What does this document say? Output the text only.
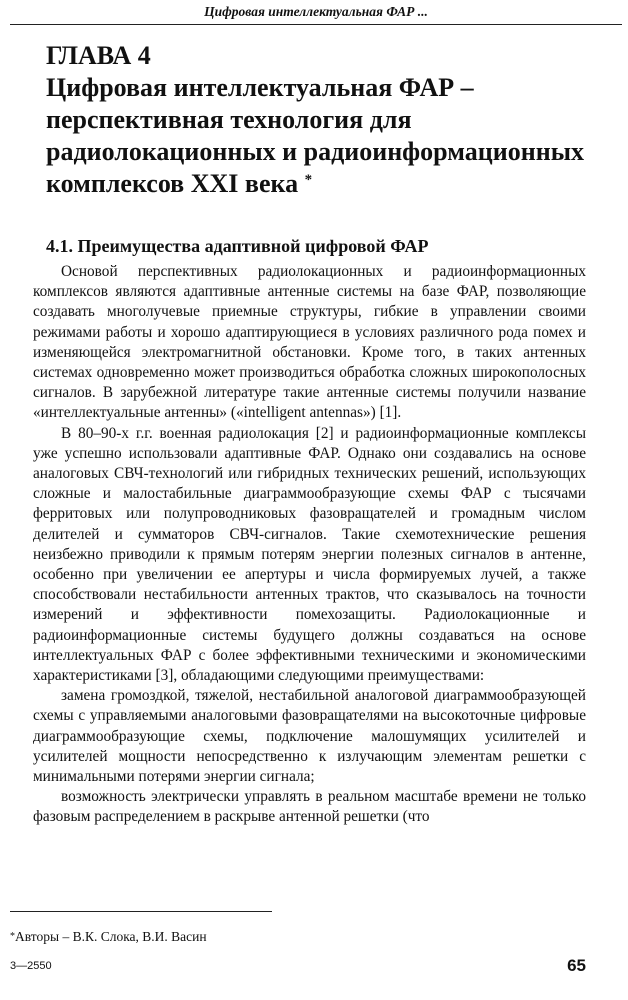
Цифровая интеллектуальная ФАР ...
ГЛАВА 4
Цифровая интеллектуальная ФАР – перспективная технология для радиолокационных и радиоинформационных комплексов XXI века *
4.1. Преимущества адаптивной цифровой ФАР

Основой перспективных радиолокационных и радиоинформационных комплексов являются адаптивные антенные системы на базе ФАР, позволяющие создавать многолучевые приемные структуры, гибкие в управлении своими режимами работы и хорошо адаптирующиеся в условиях различного рода помех и изменяющейся электромагнитной обстановки. Кроме того, в таких антенных системах одновременно может производиться обработка сложных широкополосных сигналов. В зарубежной литературе такие антенные системы получили название «интеллектуальные антенны» («intelligent antennas») [1].

В 80–90-х г.г. военная радиолокация [2] и радиоинформационные комплексы уже успешно использовали адаптивные ФАР. Однако они создавались на основе аналоговых СВЧ-технологий или гибридных технических решений, использующих сложные и малостабильные диаграммообразующие схемы ФАР с тысячами ферритовых или полупроводниковых фазовращателей и громадным числом делителей и сумматоров СВЧ-сигналов. Такие схемотехнические решения неизбежно приводили к прямым потерям энергии полезных сигналов в антенне, особенно при увеличении ее апертуры и числа формируемых лучей, а также способствовали нестабильности антенных трактов, что сказывалось на точности измерений и эффективности помехозащиты. Радиолокационные и радиоинформационные системы будущего должны создаваться на основе интеллектуальных ФАР с более эффективными техническими и экономическими характеристиками [3], обладающими следующими преимуществами:

замена громоздкой, тяжелой, нестабильной аналоговой диаграммообразующей схемы с управляемыми аналоговыми фазовращателями на высокоточные цифровые диаграммообразующие схемы, подключение малошумящих усилителей и усилителей мощности непосредственно к излучающим элементам решетки с минимальными потерями энергии сигнала;

возможность электрически управлять в реальном масштабе времени не только фазовым распределением в раскрыве антенной решетки (что

*Авторы – В.К. Слока, В.И. Васин
3—2550	65
